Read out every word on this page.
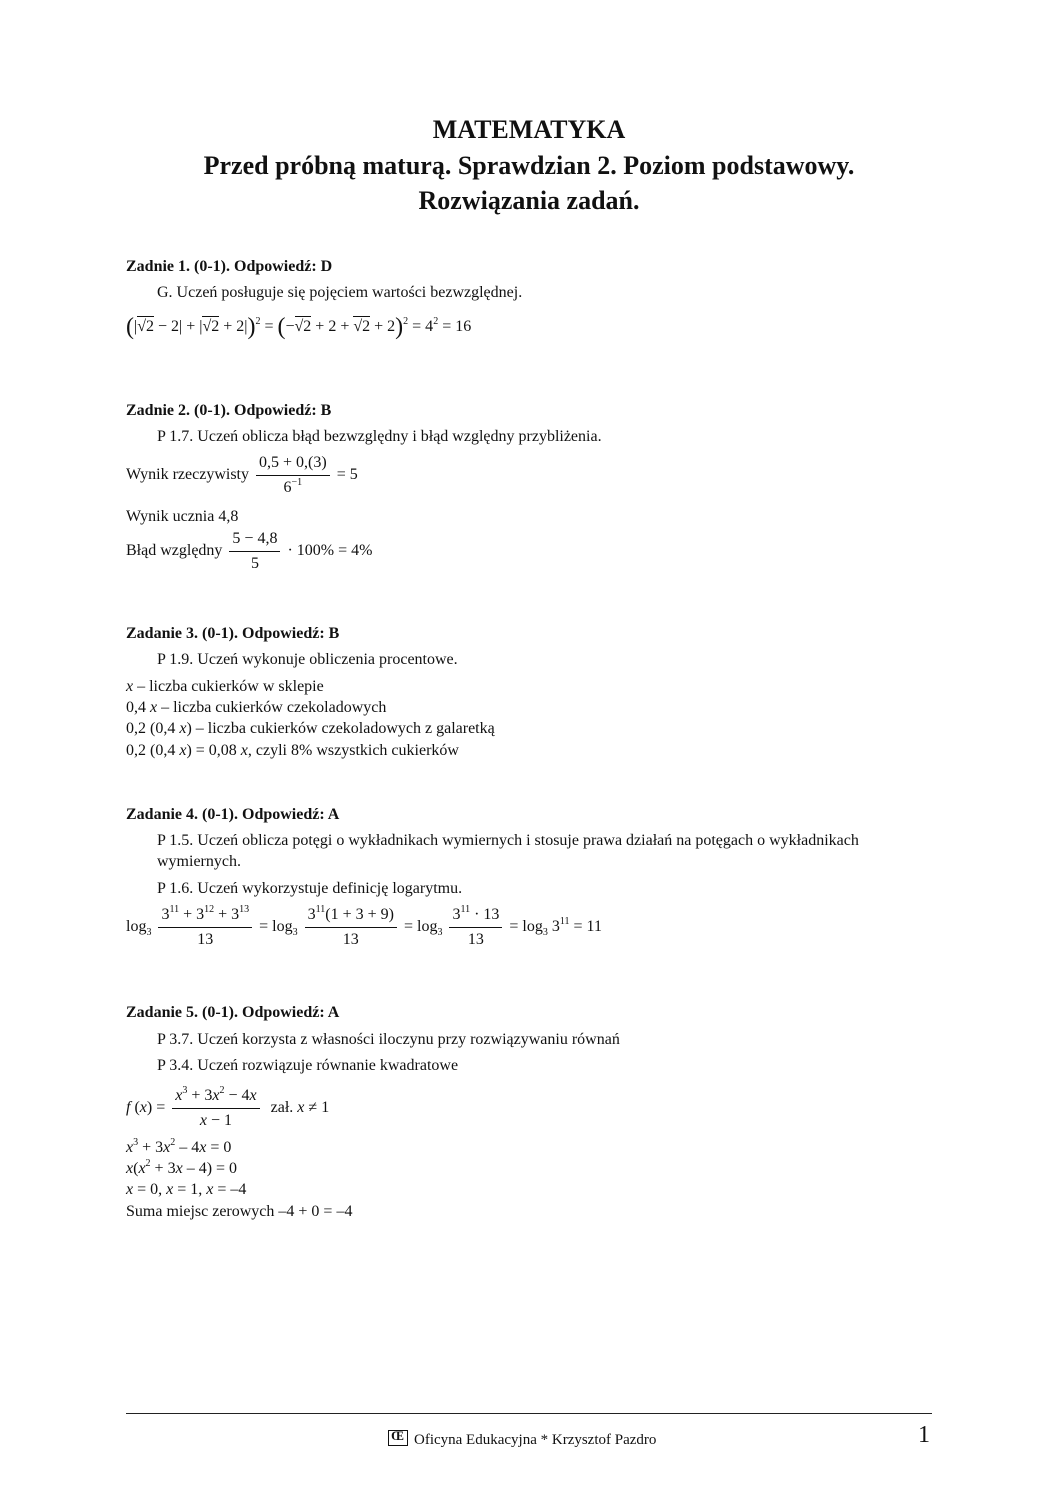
MATEMATYKA
Przed próbną maturą. Sprawdzian 2. Poziom podstawowy.
Rozwiązania zadań.
Zadnie 1. (0-1). Odpowiedź: D
G. Uczeń posługuje się pojęciem wartości bezwzględnej.
$(|√2 - 2| + |√2 + 2|)^2 = (-√2 + 2 + √2 + 2)^2 = 4^2 = 16$
Zadnie 2. (0-1). Odpowiedź: B
P 1.7. Uczeń oblicza błąd bezwzględny i błąd względny przybliżenia.
Wynik rzeczywisty $\frac{0,5 + 0,(3)}{6^{-1}} = 5$
Wynik ucznia 4,8
Błąd względny $\frac{5 - 4,8}{5} \cdot 100\% = 4\%$
Zadanie 3. (0-1). Odpowiedź: B
P 1.9. Uczeń wykonuje obliczenia procentowe.
x – liczba cukierków w sklepie
0,4 x – liczba cukierków czekoladowych
0,2 (0,4 x) – liczba cukierków czekoladowych z galaretką
0,2 (0,4 x) = 0,08 x, czyli 8% wszystkich cukierków
Zadanie 4. (0-1). Odpowiedź: A
P 1.5. Uczeń oblicza potęgi o wykładnikach wymiernych i stosuje prawa działań na potęgach o wykładnikach
wymiernych.
P 1.6. Uczeń wykorzystuje definicję logarytmu.
$\log_3 \frac{3^{11} + 3^{12} + 3^{13}}{13} = \log_3 \frac{3^{11}(1 + 3 + 9)}{13} = \log_3 \frac{3^{11} \cdot 13}{13} = \log_3 3^{11} = 11$
Zadanie 5. (0-1). Odpowiedź: A
P 3.7. Uczeń korzysta z własności iloczynu przy rozwiązywaniu równań
P 3.4. Uczeń rozwiązuje równanie kwadratowe
f $(x) = \frac{x^3 + 3x^2 - 4x}{x - 1}$ zał. x ≠ 1
$x^3 + 3x^2 - 4x = 0$
$x(x^2 + 3x - 4) = 0$
x = 0, x = 1, x = –4
Suma miejsc zerowych –4 + 0 = –4
ŒOficyna Edukacyjna * Krzysztof Pazdro	1
